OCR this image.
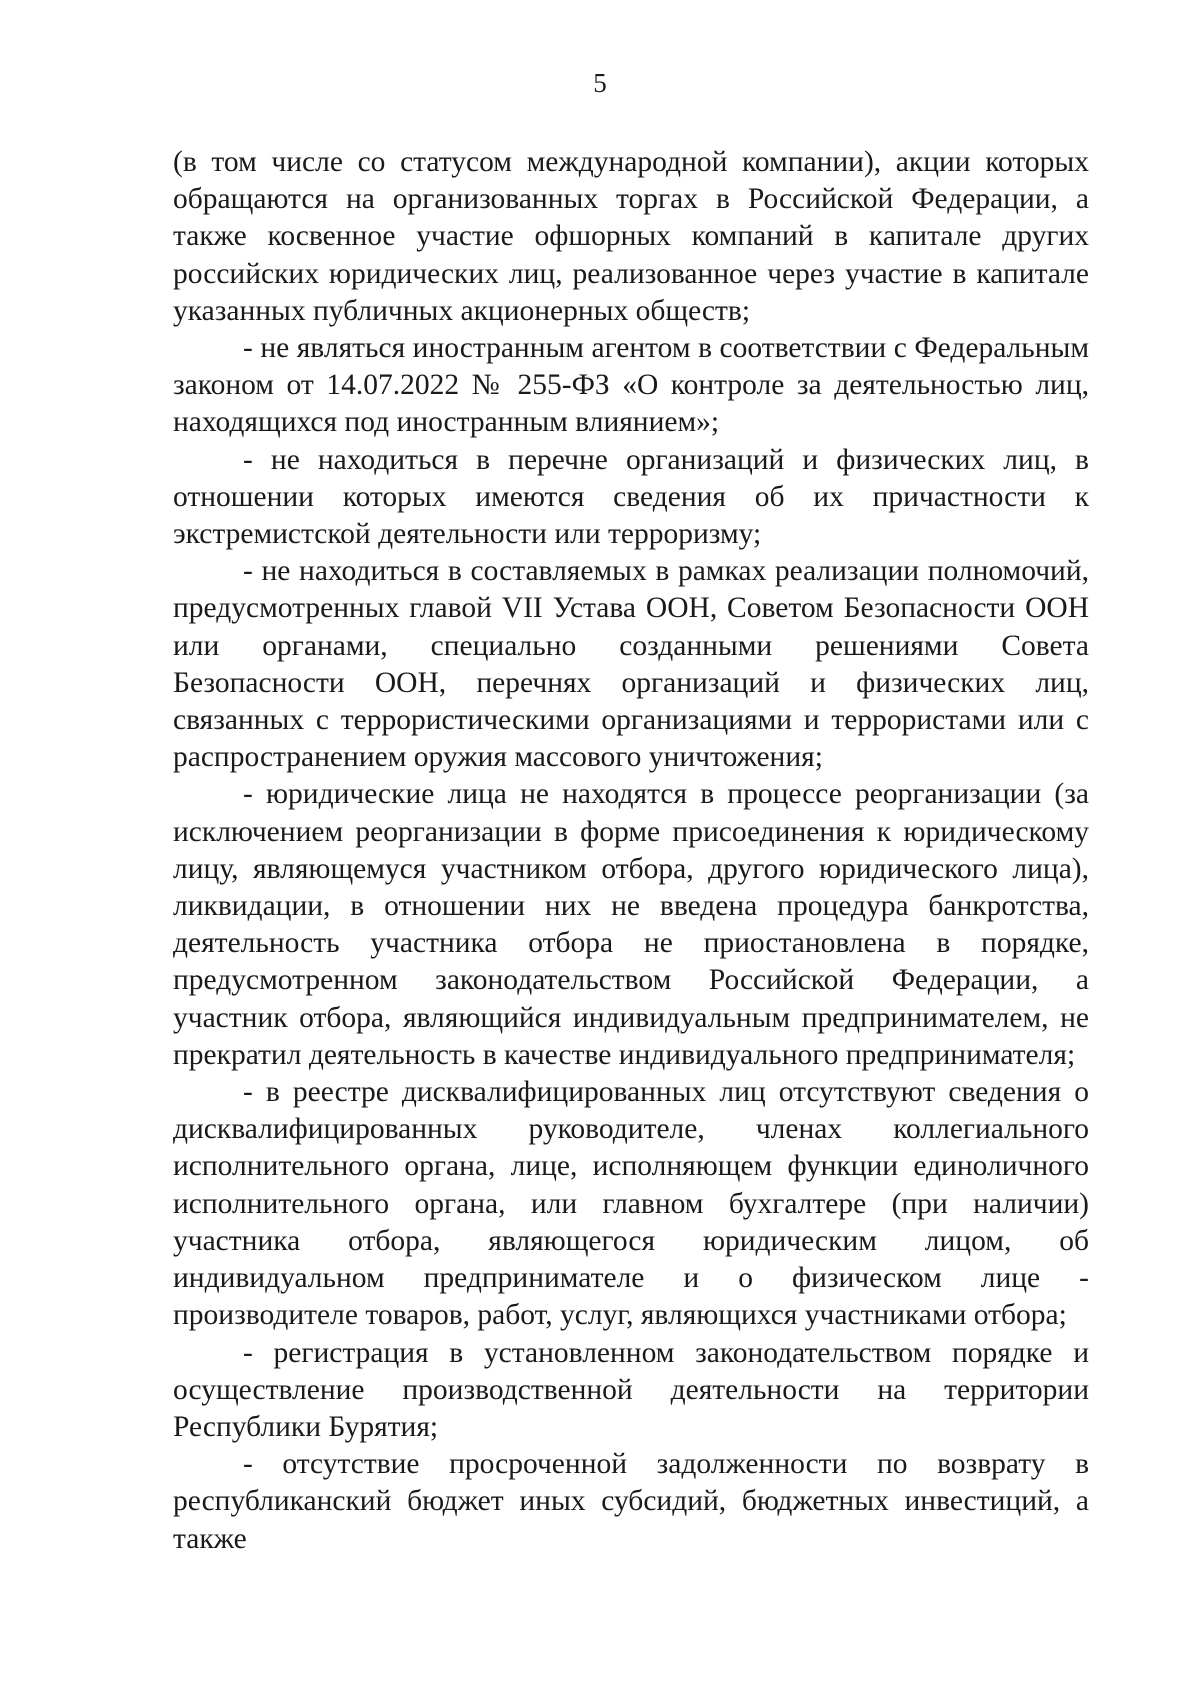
5

(в том числе со статусом международной компании), акции которых обращаются на организованных торгах в Российской Федерации, а также косвенное участие офшорных компаний в капитале других российских юридических лиц, реализованное через участие в капитале указанных публичных акционерных обществ;

- не являться иностранным агентом в соответствии с Федеральным законом от 14.07.2022 № 255-ФЗ «О контроле за деятельностью лиц, находящихся под иностранным влиянием»;

- не находиться в перечне организаций и физических лиц, в отношении которых имеются сведения об их причастности к экстремистской деятельности или терроризму;

- не находиться в составляемых в рамках реализации полномочий, предусмотренных главой VII Устава ООН, Советом Безопасности ООН или органами, специально созданными решениями Совета Безопасности ООН, перечнях организаций и физических лиц, связанных с террористическими организациями и террористами или с распространением оружия массового уничтожения;

- юридические лица не находятся в процессе реорганизации (за исключением реорганизации в форме присоединения к юридическому лицу, являющемуся участником отбора, другого юридического лица), ликвидации, в отношении них не введена процедура банкротства, деятельность участника отбора не приостановлена в порядке, предусмотренном законодательством Российской Федерации, а участник отбора, являющийся индивидуальным предпринимателем, не прекратил деятельность в качестве индивидуального предпринимателя;

- в реестре дисквалифицированных лиц отсутствуют сведения о дисквалифицированных руководителе, членах коллегиального исполнительного органа, лице, исполняющем функции единоличного исполнительного органа, или главном бухгалтере (при наличии) участника отбора, являющегося юридическим лицом, об индивидуальном предпринимателе и о физическом лице - производителе товаров, работ, услуг, являющихся участниками отбора;

- регистрация в установленном законодательством порядке и осуществление производственной деятельности на территории Республики Бурятия;

- отсутствие просроченной задолженности по возврату в республиканский бюджет иных субсидий, бюджетных инвестиций, а также
